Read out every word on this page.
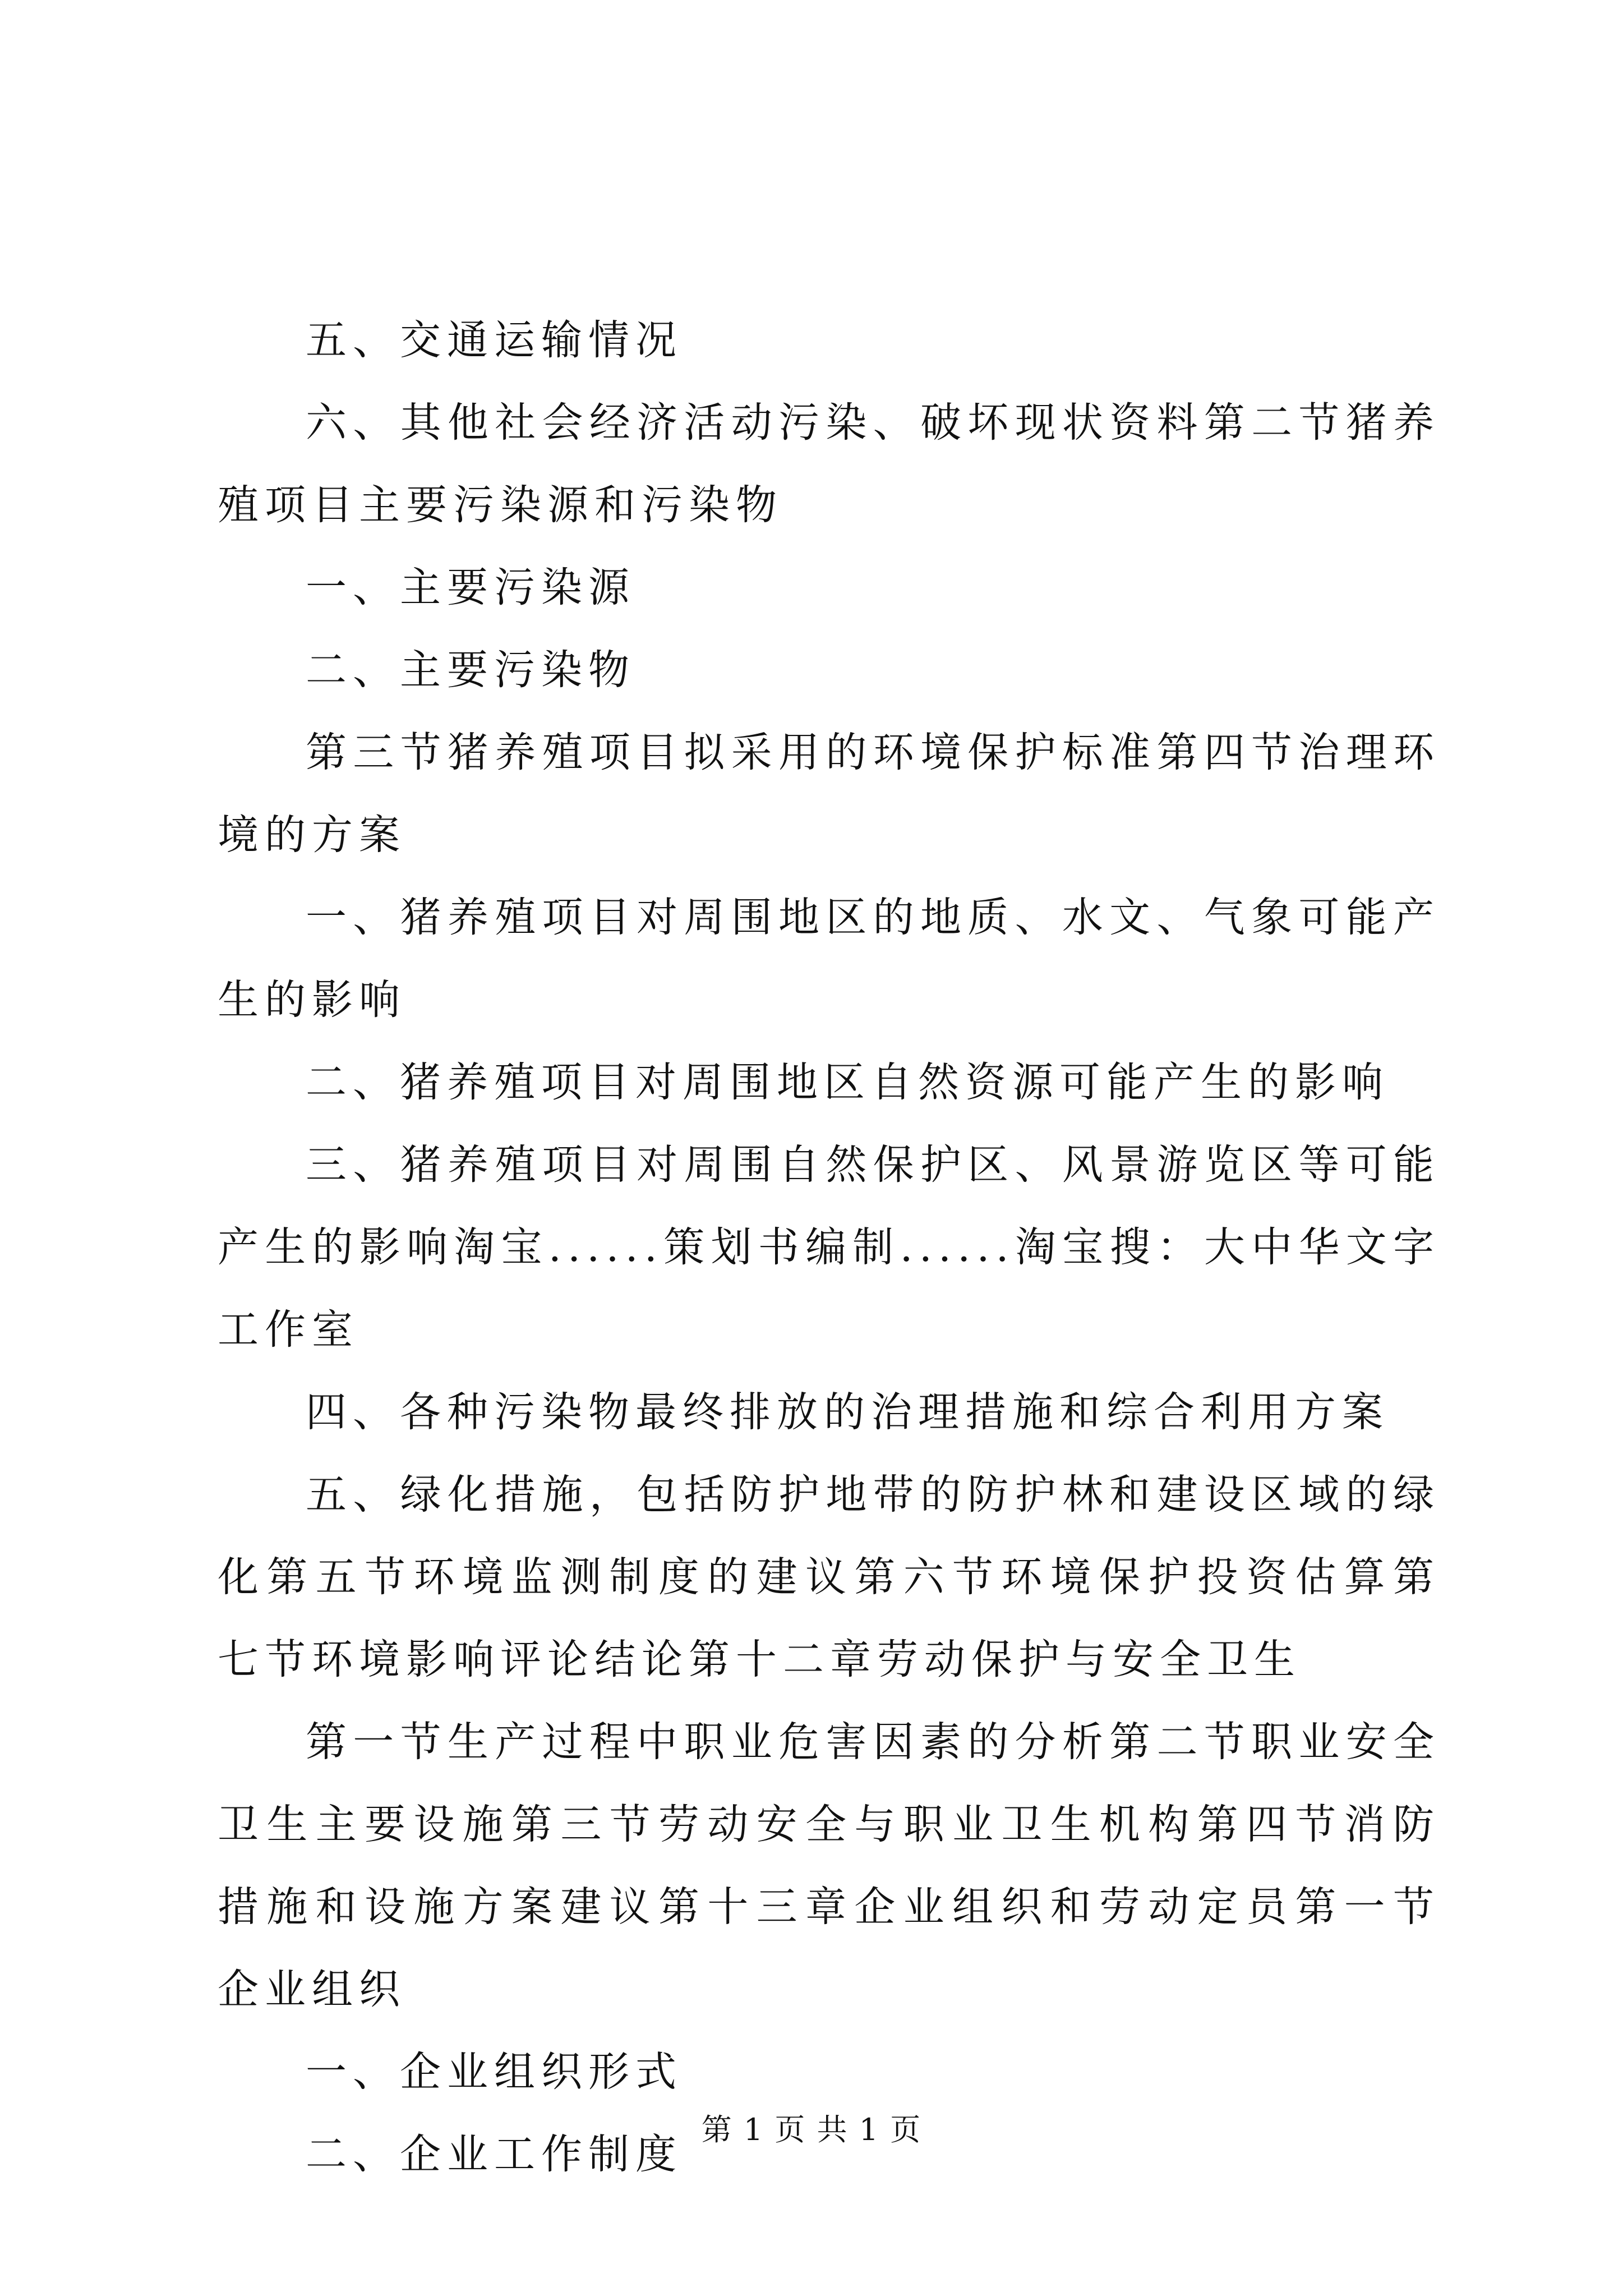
五、交通运输情况

六、其他社会经济活动污染、破坏现状资料第二节猪养殖项目主要污染源和污染物

一、主要污染源

二、主要污染物

第三节猪养殖项目拟采用的环境保护标准第四节治理环境的方案

一、猪养殖项目对周围地区的地质、水文、气象可能产生的影响

二、猪养殖项目对周围地区自然资源可能产生的影响

三、猪养殖项目对周围自然保护区、风景游览区等可能产生的影响淘宝......策划书编制......淘宝搜：大中华文字工作室

四、各种污染物最终排放的治理措施和综合利用方案

五、绿化措施，包括防护地带的防护林和建设区域的绿化第五节环境监测制度的建议第六节环境保护投资估算第七节环境影响评论结论第十二章劳动保护与安全卫生

第一节生产过程中职业危害因素的分析第二节职业安全卫生主要设施第三节劳动安全与职业卫生机构第四节消防措施和设施方案建议第十三章企业组织和劳动定员第一节企业组织

一、企业组织形式

二、企业工作制度

第 1 页 共 1 页
